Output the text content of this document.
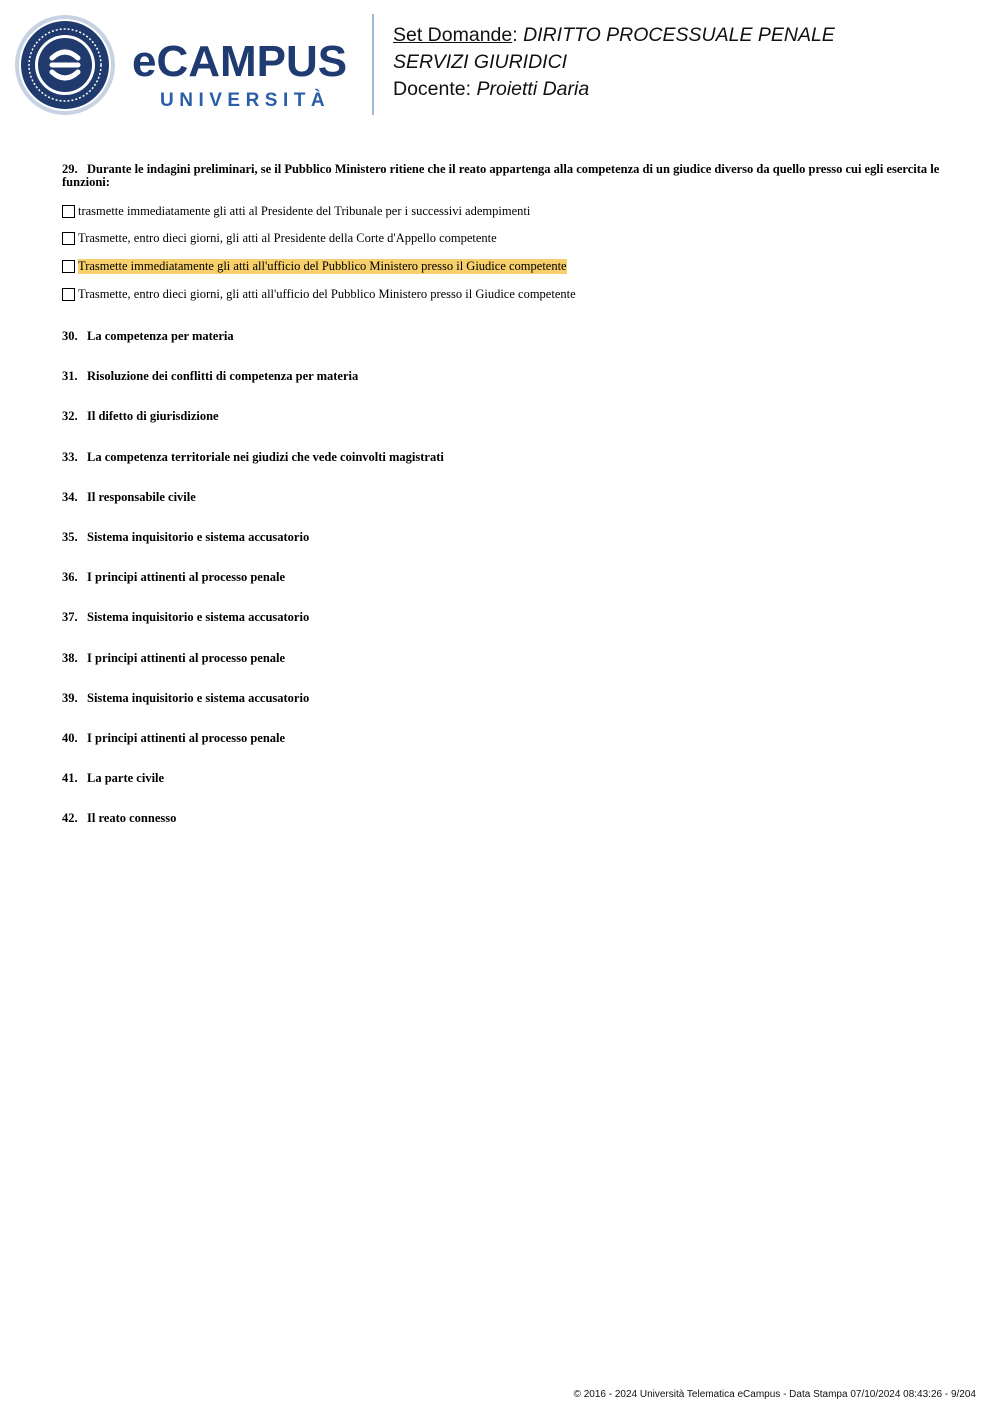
eCAMPUS
UNIVERSITÀ
Set Domande: DIRITTO PROCESSUALE PENALE
SERVIZI GIURIDICI
Docente: Proietti Daria
29. Durante le indagini preliminari, se il Pubblico Ministero ritiene che il reato appartenga alla competenza di un giudice diverso da quello presso cui egli esercita le funzioni:
trasmette immediatamente gli atti al Presidente del Tribunale per i successivi adempimenti
Trasmette, entro dieci giorni, gli atti al Presidente della Corte d'Appello competente
Trasmette immediatamente gli atti all'ufficio del Pubblico Ministero presso il Giudice competente
Trasmette, entro dieci giorni, gli atti all'ufficio del Pubblico Ministero presso il Giudice competente
30. La competenza per materia
31. Risoluzione dei conflitti di competenza per materia
32. Il difetto di giurisdizione
33. La competenza territoriale nei giudizi che vede coinvolti magistrati
34. Il responsabile civile
35. Sistema inquisitorio e sistema accusatorio
36. I principi attinenti al processo penale
37. Sistema inquisitorio e sistema accusatorio
38. I principi attinenti al processo penale
39. Sistema inquisitorio e sistema accusatorio
40. I principi attinenti al processo penale
41. La parte civile
42. Il reato connesso
© 2016 - 2024 Università Telematica eCampus - Data Stampa 07/10/2024 08:43:26 - 9/204
